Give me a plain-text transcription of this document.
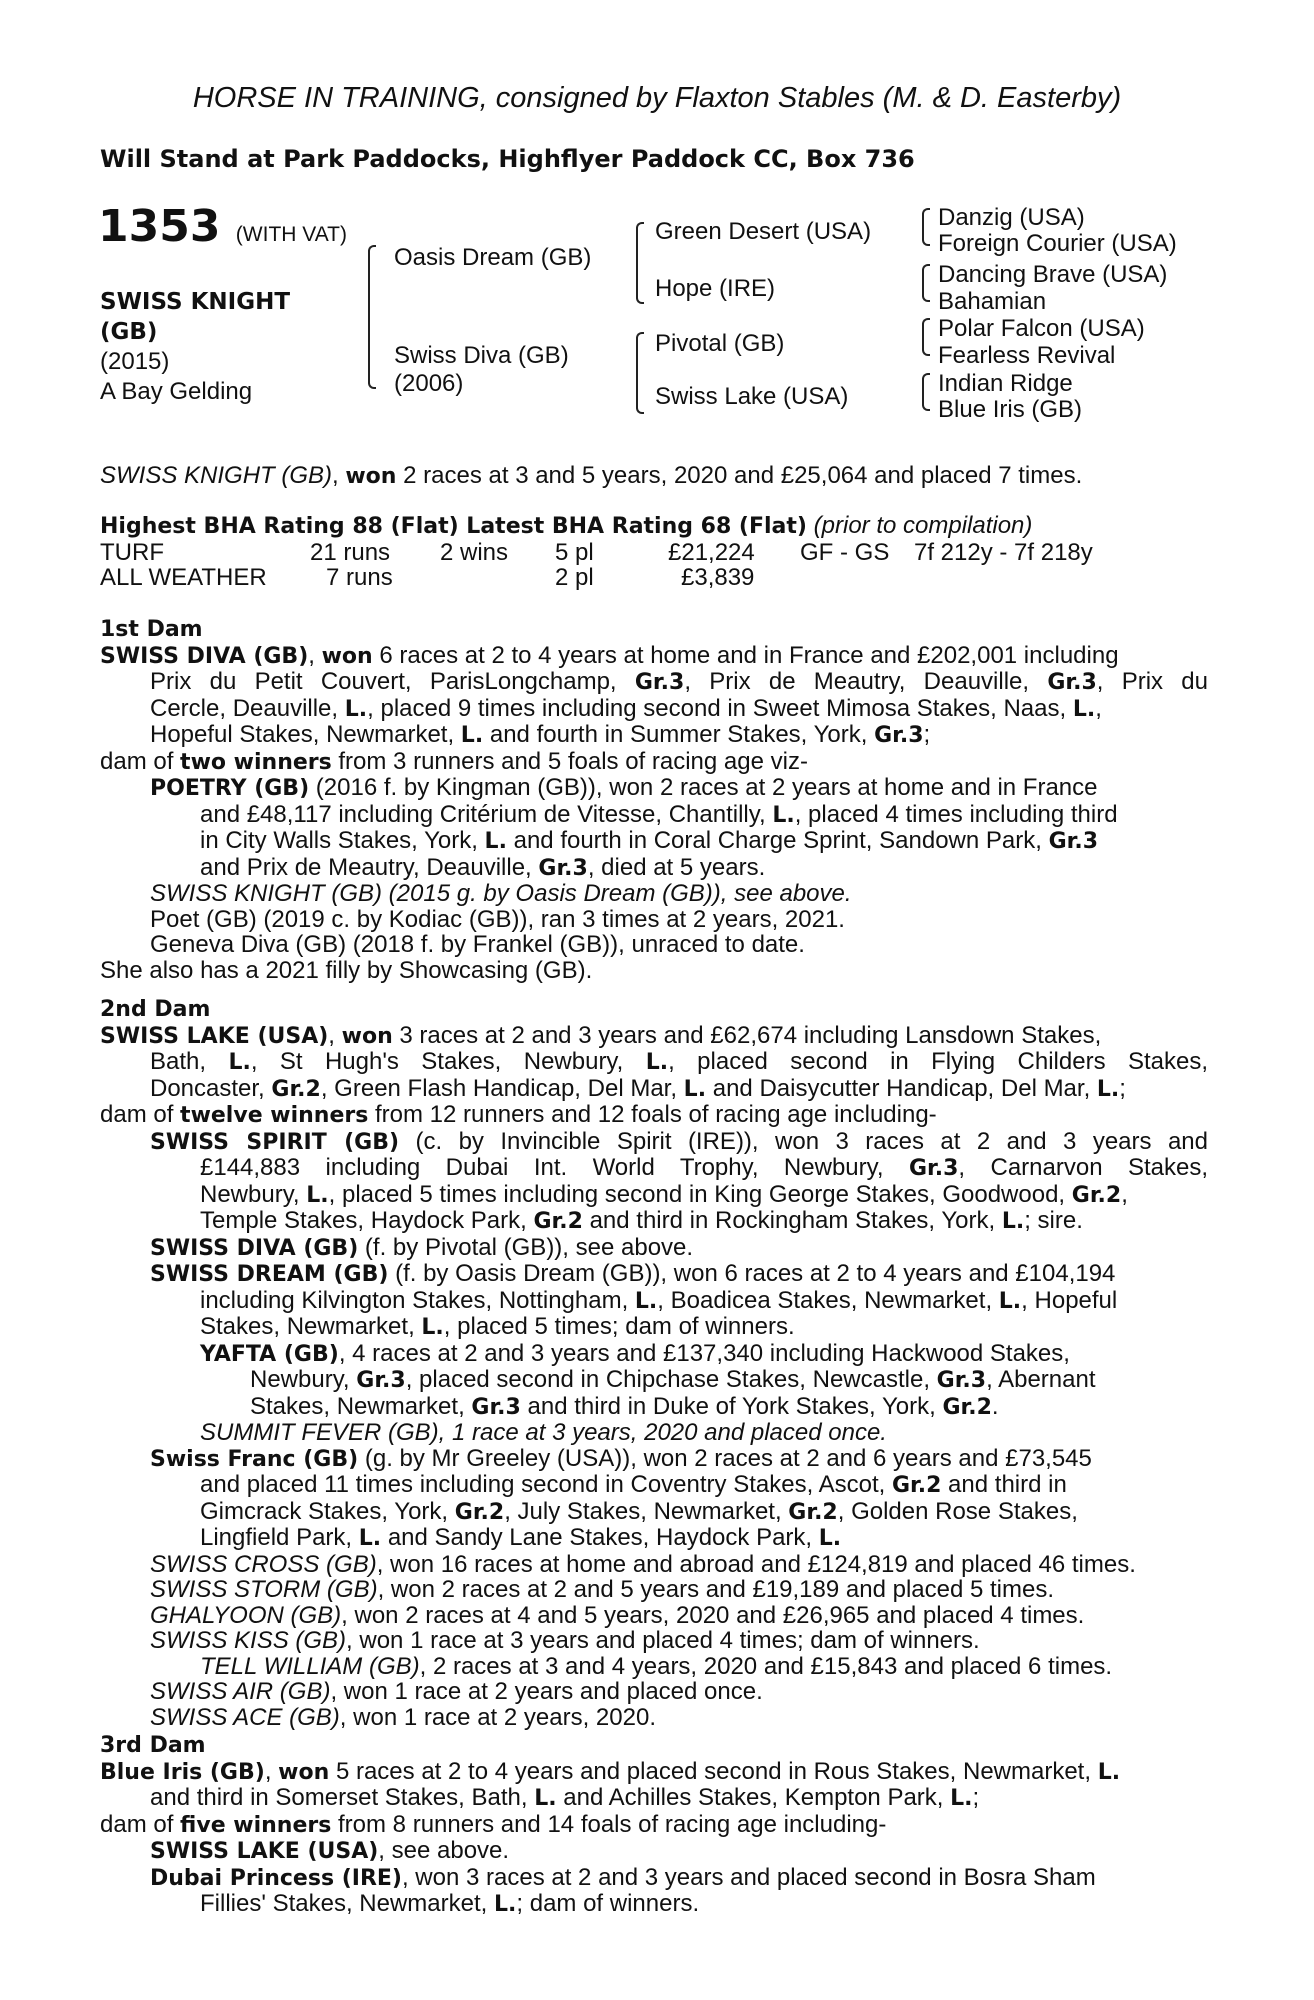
HORSE IN TRAINING, consigned by Flaxton Stables (M. & D. Easterby)
Will Stand at Park Paddocks, Highflyer Paddock CC, Box 736
1353 (WITH VAT)
SWISS KNIGHT
(GB)
(2015)
A Bay Gelding
Oasis Dream (GB)
Swiss Diva (GB)
(2006)
Green Desert (USA)
Hope (IRE)
Pivotal (GB)
Swiss Lake (USA)
Danzig (USA)
Foreign Courier (USA)
Dancing Brave (USA)
Bahamian
Polar Falcon (USA)
Fearless Revival
Indian Ridge
Blue Iris (GB)
SWISS KNIGHT (GB), won 2 races at 3 and 5 years, 2020 and £25,064 and placed 7 times.
Highest BHA Rating 88 (Flat) Latest BHA Rating 68 (Flat) (prior to compilation)
TURF	21 runs 2 wins 5 pl	£21,224 GF - GS 7f 212y - 7f 218y
ALL WEATHER 7 runs	2 pl	£3,839
1st Dam
SWISS DIVA (GB), won 6 races at 2 to 4 years at home and in France and £202,001 including
Prix du Petit Couvert, ParisLongchamp, Gr.3, Prix de Meautry, Deauville, Gr.3, Prix du
Cercle, Deauville, L., placed 9 times including second in Sweet Mimosa Stakes, Naas, L.,
Hopeful Stakes, Newmarket, L. and fourth in Summer Stakes, York, Gr.3;
dam of two winners from 3 runners and 5 foals of racing age viz-
POETRY (GB) (2016 f. by Kingman (GB)), won 2 races at 2 years at home and in France
and £48,117 including Critérium de Vitesse, Chantilly, L., placed 4 times including third
in City Walls Stakes, York, L. and fourth in Coral Charge Sprint, Sandown Park, Gr.3
and Prix de Meautry, Deauville, Gr.3, died at 5 years.
SWISS KNIGHT (GB) (2015 g. by Oasis Dream (GB)), see above.
Poet (GB) (2019 c. by Kodiac (GB)), ran 3 times at 2 years, 2021.
Geneva Diva (GB) (2018 f. by Frankel (GB)), unraced to date.
She also has a 2021 filly by Showcasing (GB).
2nd Dam
SWISS LAKE (USA), won 3 races at 2 and 3 years and £62,674 including Lansdown Stakes,
Bath, L., St Hugh's Stakes, Newbury, L., placed second in Flying Childers Stakes,
Doncaster, Gr.2, Green Flash Handicap, Del Mar, L. and Daisycutter Handicap, Del Mar, L.;
dam of twelve winners from 12 runners and 12 foals of racing age including-
SWISS SPIRIT (GB) (c. by Invincible Spirit (IRE)), won 3 races at 2 and 3 years and
£144,883 including Dubai Int. World Trophy, Newbury, Gr.3, Carnarvon Stakes,
Newbury, L., placed 5 times including second in King George Stakes, Goodwood, Gr.2,
Temple Stakes, Haydock Park, Gr.2 and third in Rockingham Stakes, York, L.; sire.
SWISS DIVA (GB) (f. by Pivotal (GB)), see above.
SWISS DREAM (GB) (f. by Oasis Dream (GB)), won 6 races at 2 to 4 years and £104,194
including Kilvington Stakes, Nottingham, L., Boadicea Stakes, Newmarket, L., Hopeful
Stakes, Newmarket, L., placed 5 times; dam of winners.
YAFTA (GB), 4 races at 2 and 3 years and £137,340 including Hackwood Stakes,
Newbury, Gr.3, placed second in Chipchase Stakes, Newcastle, Gr.3, Abernant
Stakes, Newmarket, Gr.3 and third in Duke of York Stakes, York, Gr.2.
SUMMIT FEVER (GB), 1 race at 3 years, 2020 and placed once.
Swiss Franc (GB) (g. by Mr Greeley (USA)), won 2 races at 2 and 6 years and £73,545
and placed 11 times including second in Coventry Stakes, Ascot, Gr.2 and third in
Gimcrack Stakes, York, Gr.2, July Stakes, Newmarket, Gr.2, Golden Rose Stakes,
Lingfield Park, L. and Sandy Lane Stakes, Haydock Park, L.
SWISS CROSS (GB), won 16 races at home and abroad and £124,819 and placed 46 times.
SWISS STORM (GB), won 2 races at 2 and 5 years and £19,189 and placed 5 times.
GHALYOON (GB), won 2 races at 4 and 5 years, 2020 and £26,965 and placed 4 times.
SWISS KISS (GB), won 1 race at 3 years and placed 4 times; dam of winners.
TELL WILLIAM (GB), 2 races at 3 and 4 years, 2020 and £15,843 and placed 6 times.
SWISS AIR (GB), won 1 race at 2 years and placed once.
SWISS ACE (GB), won 1 race at 2 years, 2020.
3rd Dam
Blue Iris (GB), won 5 races at 2 to 4 years and placed second in Rous Stakes, Newmarket, L.
and third in Somerset Stakes, Bath, L. and Achilles Stakes, Kempton Park, L.;
dam of five winners from 8 runners and 14 foals of racing age including-
SWISS LAKE (USA), see above.
Dubai Princess (IRE), won 3 races at 2 and 3 years and placed second in Bosra Sham
Fillies' Stakes, Newmarket, L.; dam of winners.
